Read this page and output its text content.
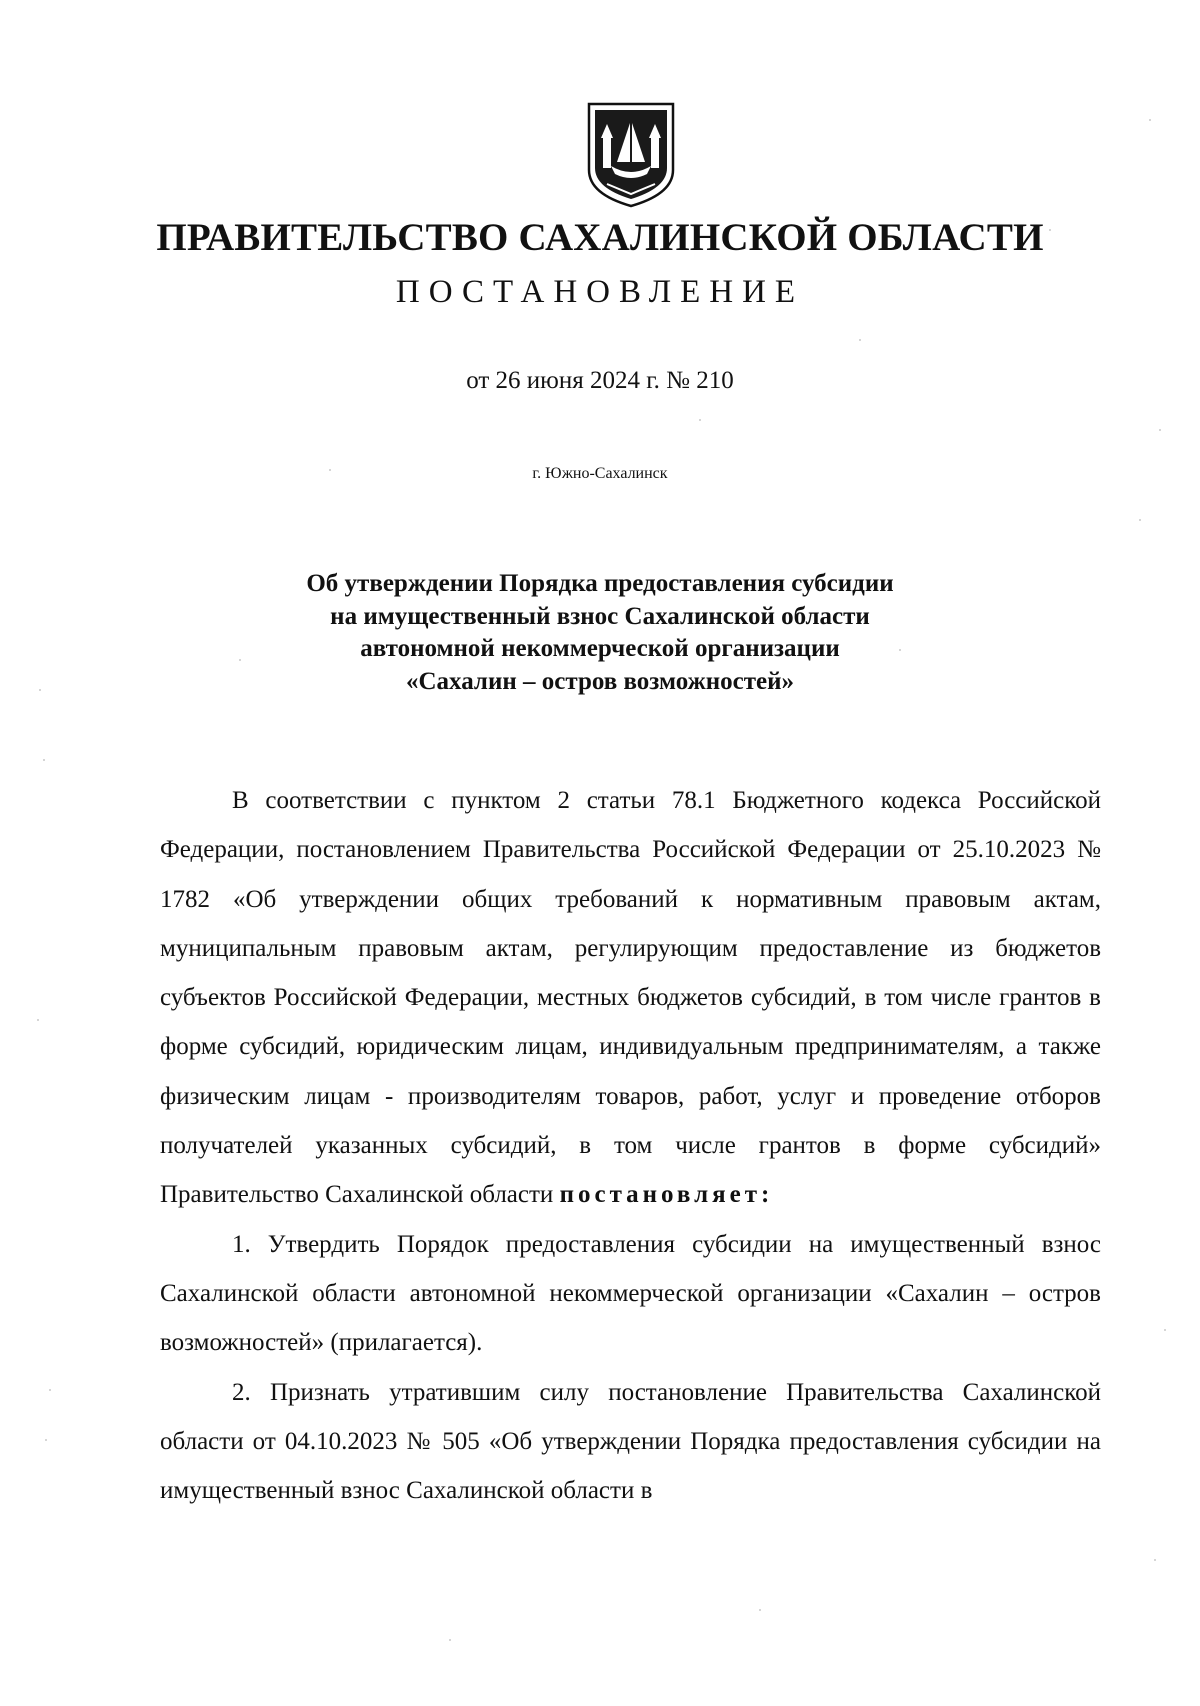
ПРАВИТЕЛЬСТВО САХАЛИНСКОЙ ОБЛАСТИ
ПОСТАНОВЛЕНИЕ
от 26 июня 2024 г. № 210
г. Южно-Сахалинск
Об утверждении Порядка предоставления субсидии
на имущественный взнос Сахалинской области
автономной некоммерческой организации
«Сахалин – остров возможностей»

В соответствии с пунктом 2 статьи 78.1 Бюджетного кодекса Российской Федерации, постановлением Правительства Российской Федерации от 25.10.2023 № 1782 «Об утверждении общих требований к нормативным правовым актам, муниципальным правовым актам, регулирующим предоставление из бюджетов субъектов Российской Федерации, местных бюджетов субсидий, в том числе грантов в форме субсидий, юридическим лицам, индивидуальным предпринимателям, а также физическим лицам - производителям товаров, работ, услуг и проведение отборов получателей указанных субсидий, в том числе грантов в форме субсидий» Правительство Сахалинской области постановляет:

1. Утвердить Порядок предоставления субсидии на имущественный взнос Сахалинской области автономной некоммерческой организации «Сахалин – остров возможностей» (прилагается).

2. Признать утратившим силу постановление Правительства Сахалинской области от 04.10.2023 № 505 «Об утверждении Порядка предоставления субсидии на имущественный взнос Сахалинской области в
